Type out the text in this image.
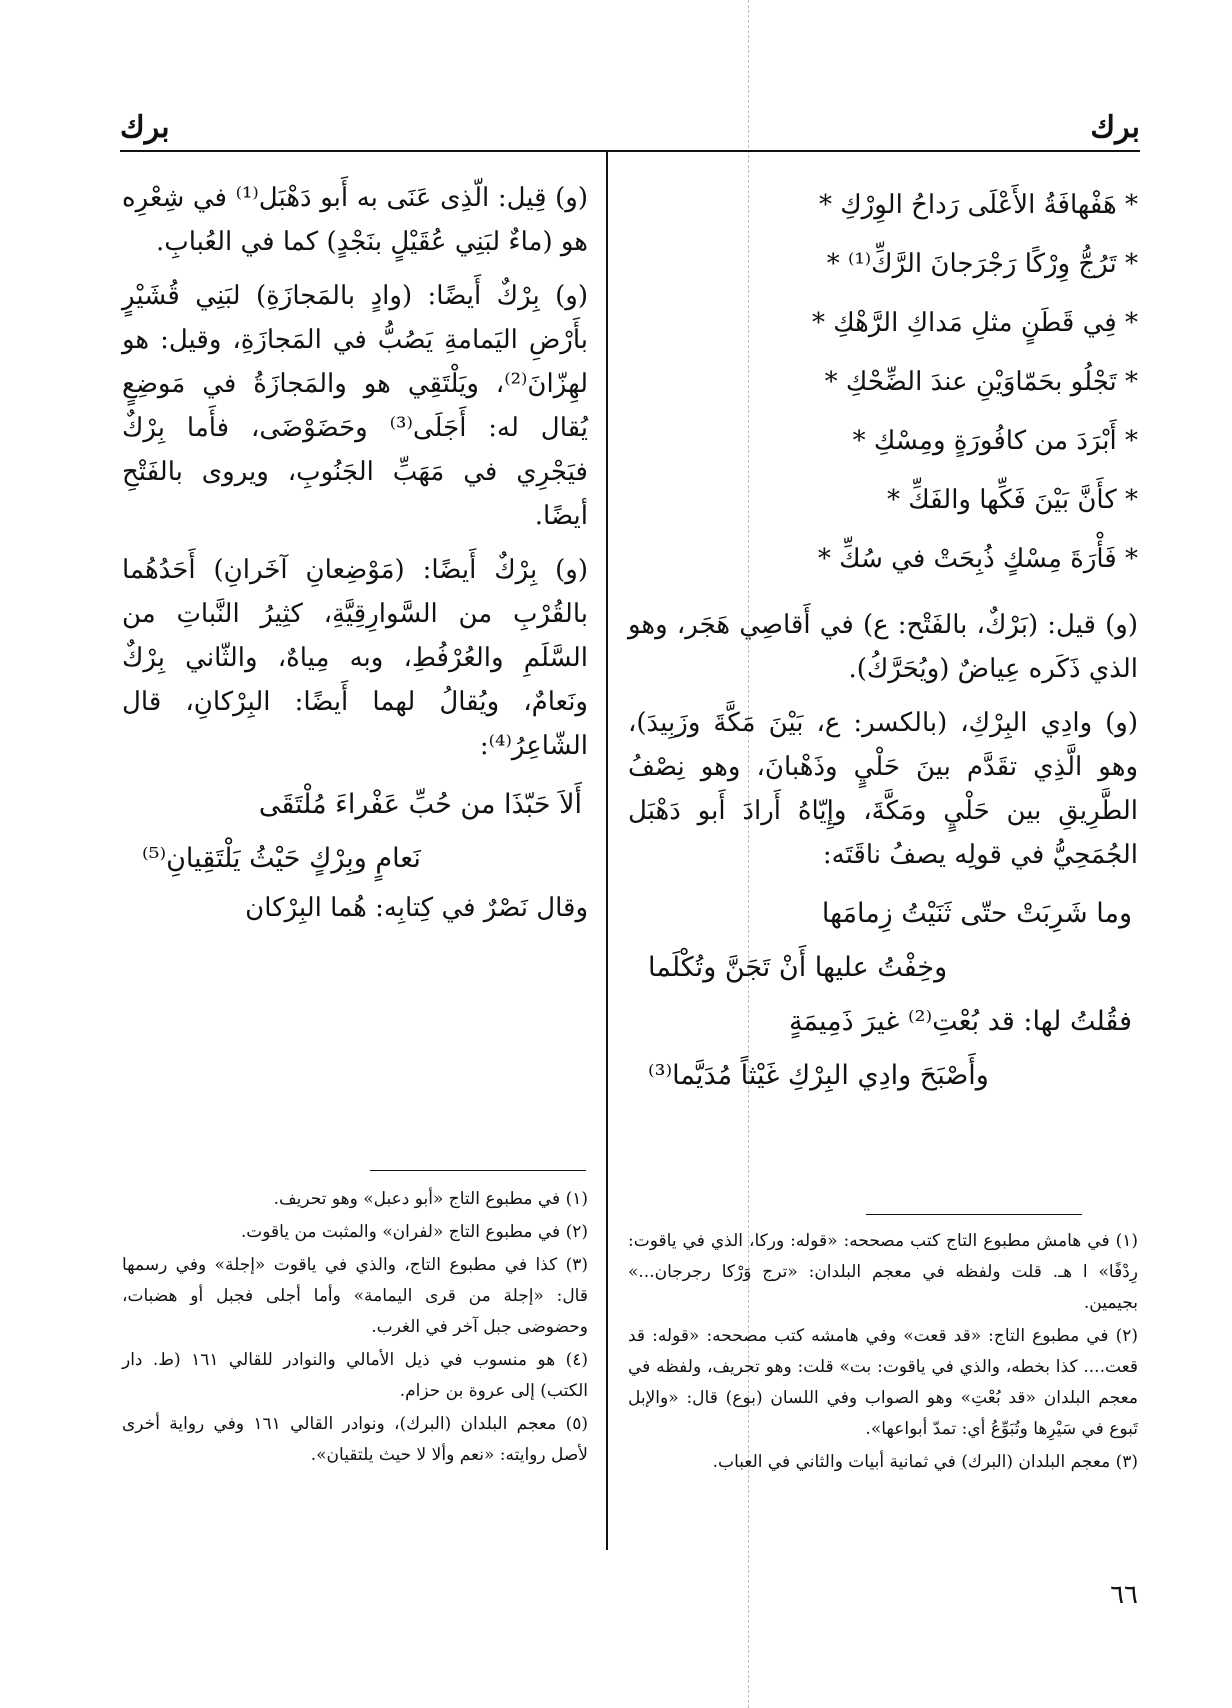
برك
برك
* هَفْهافَةُ الأَعْلَى رَداحُ الوِرْكِ *
* تَرُجُّ وِرْكًا رَجْرَجانَ الرَّكِّ⁽¹⁾ *
* فِي قَطَنٍ مثلِ مَداكِ الرَّهْكِ *
* تَجْلُو بحَمّاوَيْنِ عندَ الضِّحْكِ *
* أَبْرَدَ من كافُورَةٍ ومِسْكِ *
* كأَنَّ بَيْنَ فَكِّها والفَكِّ *
* فَأْرَةَ مِسْكٍ ذُبِحَتْ في سُكِّ *

(و) قيل: (بَرْكٌ، بالفَتْح: ع) في أَقاصِي هَجَر، وهو الذي ذَكَره عِياضٌ (ويُحَرَّكُ).

(و) وادِي البِرْكِ، (بالكسر: ع، بَيْنَ مَكَّةَ وزَبِيدَ)، وهو الَّذِي تقَدَّم بينَ حَلْيٍ وذَهْبانَ، وهو نِصْفُ الطَّرِيقِ بين حَلْيٍ ومَكَّةَ، وإِيّاهُ أَرادَ أَبو دَهْبَل الجُمَحِيُّ في قولِه يصفُ ناقَتَه:

وما شَرِبَتْ حتّى ثَنَيْتُ زِمامَها
وخِفْتُ عليها أَنْ تَجَنَّ وتُكْلَما
فقُلتُ لها: قد بُعْتِ⁽²⁾ غيرَ ذَمِيمَةٍ
وأَصْبَحَ وادِي البِرْكِ غَيْثاً مُدَيَّما⁽³⁾

(و) قِيل: الّذِى عَنَى به أَبو دَهْبَل⁽¹⁾ في شِعْرِه هو (ماءٌ لبَنِي عُقَيْلٍ بنَجْدٍ) كما في العُبابِ.

(و) بِرْكٌ أَيضًا: (وادٍ بالمَجازَةِ) لبَنِي قُشَيْرٍ بأَرْضِ اليَمامةِ يَصُبُّ في المَجازَةِ، وقيل: هو لهِزّانَ⁽²⁾، ويَلْتَقِي هو والمَجازَةُ في مَوضِعٍ يُقال له: أَجَلَى⁽³⁾ وحَضَوْضَى، فأَما بِرْكٌ فيَجْرِي في مَهَبِّ الجَنُوبِ، ويروى بالفَتْحِ أيضًا.

(و) بِرْكٌ أَيضًا: (مَوْضِعانِ آخَرانِ) أَحَدُهُما بالقُرْبِ من السَّوارِقِيَّةِ، كثِيرُ النَّباتِ من السَّلَمِ والعُرْفُطِ، وبه مِياهٌ، والثّاني بِرْكٌ ونَعامٌ، ويُقالُ لهما أَيضًا: البِرْكانِ، قال الشّاعِرُ⁽⁴⁾:

أَلاَ حَبّذَا من حُبِّ عَفْراءَ مُلْتَقَى
نَعامٍ وبِرْكٍ حَيْثُ يَلْتَقِيانِ⁽⁵⁾

وقال نَصْرٌ في كِتابِه: هُما البِرْكان

(١) في هامش مطبوع التاج كتب مصححه: «قوله: وركا، الذي في ياقوت: رِدْفًا» ا هـ. قلت ولفظه في معجم البلدان: «ترج وَرْكا رجرجان...» بجيمين.

(٢) في مطبوع التاج: «قد قعت» وفي هامشه كتب مصححه: «قوله: قد قعت.... كذا بخطه، والذي في ياقوت: بت» قلت: وهو تحريف، ولفظه في معجم البلدان «قد بُعْتِ» وهو الصواب وفي اللسان (بوع) قال: «والإبل تَبوع في سَيْرِها وتُبَوِّعُ أي: تمدّ أبواعها».

(٣) معجم البلدان (البرك) في ثمانية أبيات والثاني في العباب.

(١) في مطبوع التاج «أبو دعبل» وهو تحريف.

(٢) في مطبوع التاج «لفران» والمثبت من ياقوت.

(٣) كذا في مطبوع التاج، والذي في ياقوت «إجلة» وفي رسمها قال: «إجلة من قرى اليمامة» وأما أجلى فجبل أو هضبات، وحضوضى جبل آخر في الغرب.

(٤) هو منسوب في ذيل الأمالي والنوادر للقالي ١٦١ (ط. دار الكتب) إلى عروة بن حزام.

(٥) معجم البلدان (البرك)، ونوادر القالي ١٦١ وفي رواية أخرى لأصل روايته: «نعم وألا لا حيث يلتقيان».

٦٦
